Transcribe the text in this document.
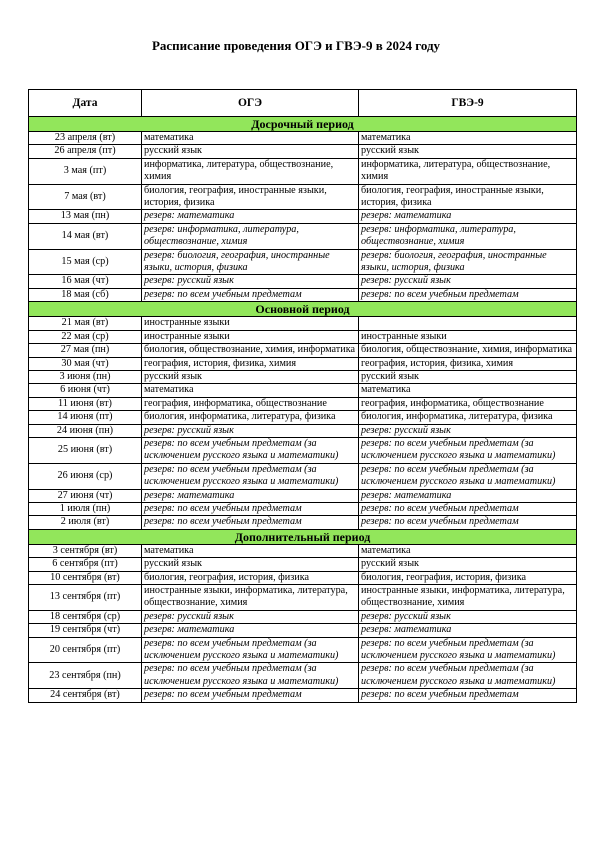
Расписание проведения ОГЭ и ГВЭ-9 в 2024 году
Дата	ОГЭ	ГВЭ-9
Досрочный период		
23 апреля (вт)	математика	математика
26 апреля (пт)	русский язык	русский язык
3 мая (пт)	информатика, литература, обществознание, химия	информатика, литература, обществознание, химия
7 мая (вт)	биология, география, иностранные языки, история, физика	биология, география, иностранные языки, история, физика
13 мая (пн)	резерв: математика	резерв: математика
14 мая (вт)	резерв: информатика, литература, обществознание, химия	резерв: информатика, литература, обществознание, химия
15 мая (ср)	резерв: биология, география, иностранные языки, история, физика	резерв: биология, география, иностранные языки, история, физика
16 мая (чт)	резерв: русский язык	резерв: русский язык
18 мая (сб)	резерв: по всем учебным предметам	резерв: по всем учебным предметам
Основной период		
21 мая (вт)	иностранные языки	
22 мая (ср)	иностранные языки	иностранные языки
27 мая (пн)	биология, обществознание, химия, информатика	биология, обществознание, химия, информатика
30 мая (чт)	география, история, физика, химия	география, история, физика, химия
3 июня (пн)	русский язык	русский язык
6 июня (чт)	математика	математика
11 июня (вт)	география, информатика, обществознание	география, информатика, обществознание
14 июня (пт)	биология, информатика, литература, физика	биология, информатика, литература, физика
24 июня (пн)	резерв: русский язык	резерв: русский язык
25 июня (вт)	резерв: по всем учебным предметам (за исключением русского языка и математики)	резерв: по всем учебным предметам (за исключением русского языка и математики)
26 июня (ср)	резерв: по всем учебным предметам (за исключением русского языка и математики)	резерв: по всем учебным предметам (за исключением русского языка и математики)
27 июня (чт)	резерв: математика	резерв: математика
1 июля (пн)	резерв: по всем учебным предметам	резерв: по всем учебным предметам
2 июля (вт)	резерв: по всем учебным предметам	резерв: по всем учебным предметам
Дополнительный период		
3 сентября (вт)	математика	математика
6 сентября (пт)	русский язык	русский язык
10 сентября (вт)	биология, география, история, физика	биология, география, история, физика
13 сентября (пт)	иностранные языки, информатика, литература, обществознание, химия	иностранные языки, информатика, литература, обществознание, химия
18 сентября (ср)	резерв: русский язык	резерв: русский язык
19 сентября (чт)	резерв: математика	резерв: математика
20 сентября (пт)	резерв: по всем учебным предметам (за исключением русского языка и математики)	резерв: по всем учебным предметам (за исключением русского языка и математики)
23 сентября (пн)	резерв: по всем учебным предметам (за исключением русского языка и математики)	резерв: по всем учебным предметам (за исключением русского языка и математики)
24 сентября (вт)	резерв: по всем учебным предметам	резерв: по всем учебным предметам
